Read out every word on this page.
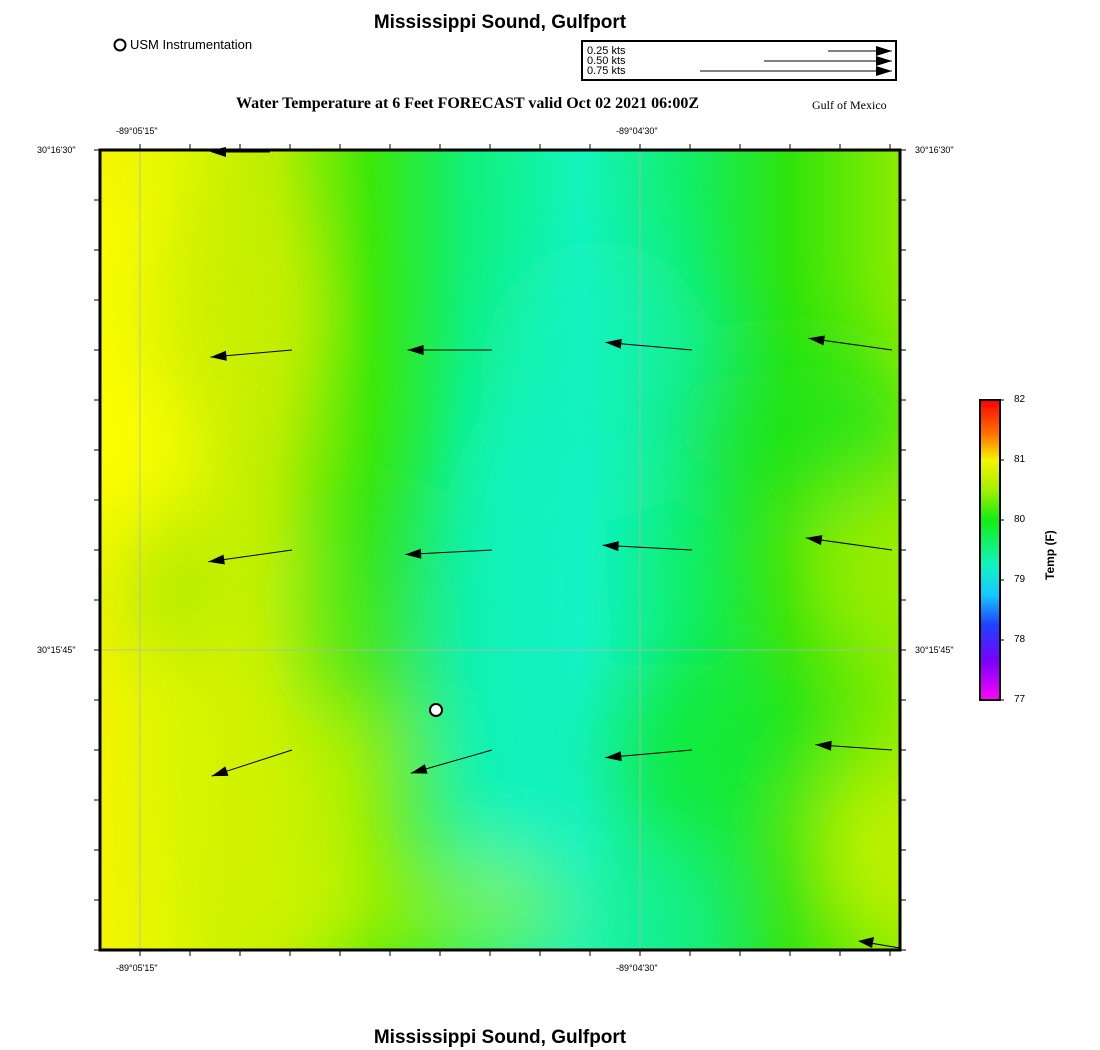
Mississippi Sound, Gulfport
USM Instrumentation	0.25 kts
0.50 kts
0.75 kts
Water Temperature at 6 Feet FORECAST valid Oct 02 2021 06:00Z	Gulf of Mexico
-89°05'15"	-89°04'30"
-89°05'15"	-89°04'30"
30°16'30"
30°15'45"
30°16'30"
30°15'45"
82
81
80
79
78
77
Temp (F)
Mississippi Sound, Gulfport
